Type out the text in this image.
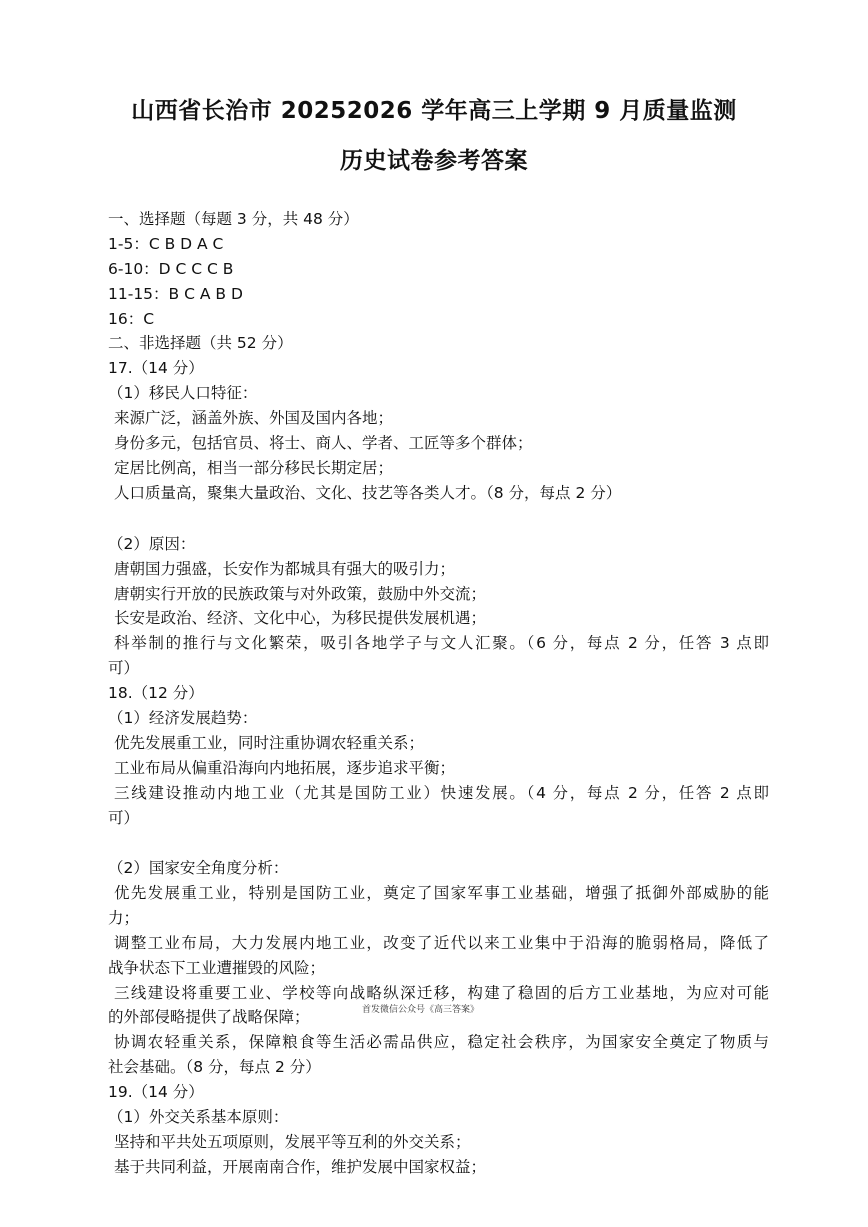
山西省长治市 20252026 学年高三上学期 9 月质量监测
历史试卷参考答案
一、选择题（每题 3 分，共 48 分）
1-5：C B D A C
6-10：D C C C B
11-15：B C A B D
16：C
二、非选择题（共 52 分）
17.（14 分）
（1）移民人口特征：
来源广泛，涵盖外族、外国及国内各地；
身份多元，包括官员、将士、商人、学者、工匠等多个群体；
定居比例高，相当一部分移民长期定居；
人口质量高，聚集大量政治、文化、技艺等各类人才。（8 分，每点 2 分）
（2）原因：
唐朝国力强盛，长安作为都城具有强大的吸引力；
唐朝实行开放的民族政策与对外政策，鼓励中外交流；
长安是政治、经济、文化中心，为移民提供发展机遇；
科举制的推行与文化繁荣，吸引各地学子与文人汇聚。（6 分，每点 2 分，任答 3 点即
可）
18.（12 分）
（1）经济发展趋势：
优先发展重工业，同时注重协调农轻重关系；
工业布局从偏重沿海向内地拓展，逐步追求平衡；
三线建设推动内地工业（尤其是国防工业）快速发展。（4 分，每点 2 分，任答 2 点即
可）
（2）国家安全角度分析：
优先发展重工业，特别是国防工业，奠定了国家军事工业基础，增强了抵御外部威胁的能
力；
调整工业布局，大力发展内地工业，改变了近代以来工业集中于沿海的脆弱格局，降低了
战争状态下工业遭摧毁的风险；
三线建设将重要工业、学校等向战略纵深迁移，构建了稳固的后方工业基地，为应对可能
的外部侵略提供了战略保障；	首发微信公众号《高三答案》
协调农轻重关系，保障粮食等生活必需品供应，稳定社会秩序，为国家安全奠定了物质与
社会基础。（8 分，每点 2 分）
19.（14 分）
（1）外交关系基本原则：
坚持和平共处五项原则，发展平等互利的外交关系；
基于共同利益，开展南南合作，维护发展中国家权益；
